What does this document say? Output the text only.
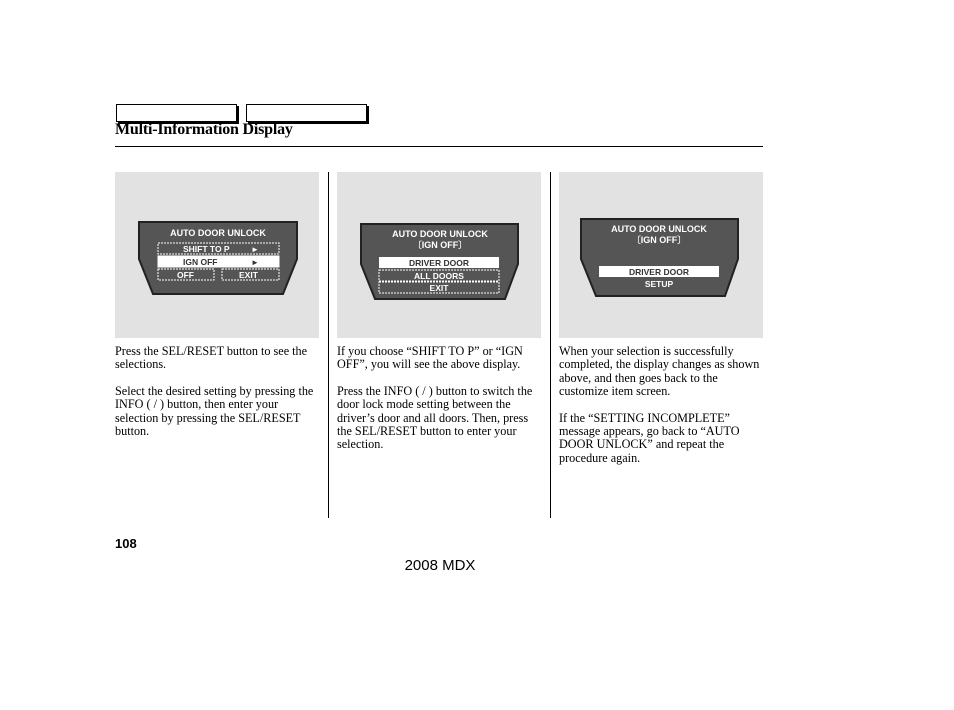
Multi-Information Display
AUTO DOOR UNLOCK
SHIFT TO P	►
IGN OFF	►
OFF	EXIT
AUTO DOOR UNLOCK
〔IGN OFF〕
DRIVER DOOR
ALL DOORS
EXIT
AUTO DOOR UNLOCK
〔IGN OFF〕
DRIVER DOOR
SETUP

Press the SEL/RESET button to see the selections.

Select the desired setting by pressing the INFO ( / ) button, then enter your selection by pressing the SEL/RESET button.

If you choose “SHIFT TO P” or “IGN OFF”, you will see the above display.

Press the INFO ( / ) button to switch the door lock mode setting between the driver’s door and all doors. Then, press the SEL/RESET button to enter your selection.

When your selection is successfully completed, the display changes as shown above, and then goes back to the customize item screen.

If the “SETTING INCOMPLETE” message appears, go back to “AUTO DOOR UNLOCK” and repeat the procedure again.

108
2008 MDX
